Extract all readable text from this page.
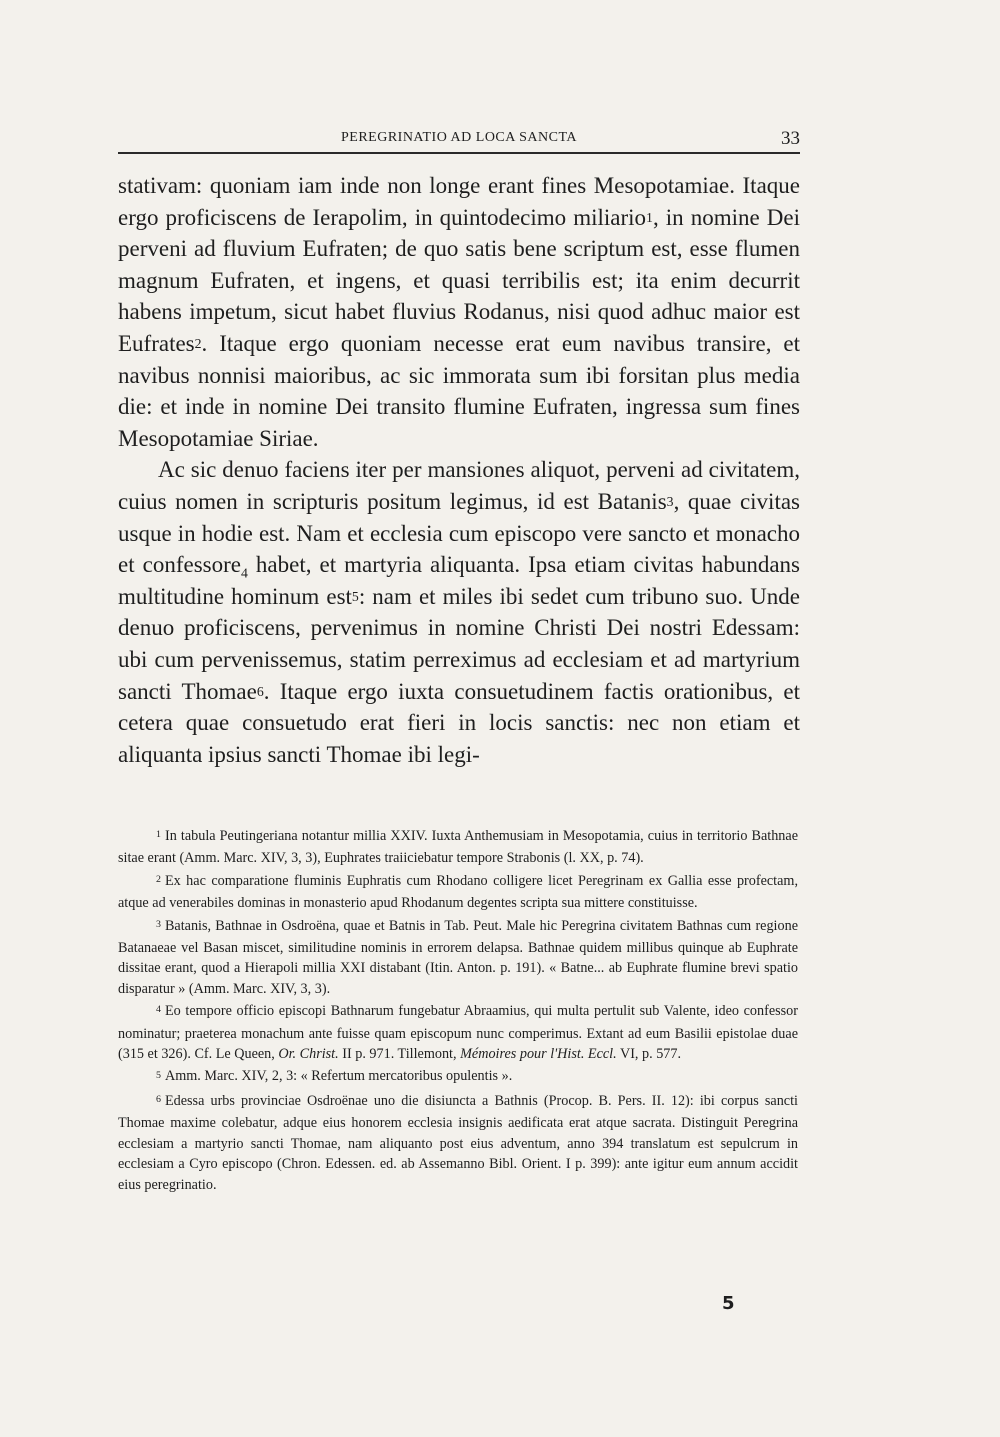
PEREGRINATIO AD LOCA SANCTA	33

stativam: quoniam iam inde non longe erant fines Mesopotamiae. Itaque ergo proficiscens de Ierapolim, in quintodecimo miliario$^1$, in nomine Dei perveni ad fluvium Eufraten; de quo satis bene scriptum est, esse flumen magnum Eufraten, et ingens, et quasi terribilis est; ita enim decurrit habens impetum, sicut habet fluvius Rodanus, nisi quod adhuc maior est Eufrates$^2$. Itaque ergo quoniam necesse erat eum navibus transire, et navibus nonnisi maioribus, ac sic immorata sum ibi forsitan plus media die: et inde in nomine Dei transito flumine Eufraten, ingressa sum fines Mesopotamiae Siriae.

Ac sic denuo faciens iter per mansiones aliquot, perveni ad civitatem, cuius nomen in scripturis positum legimus, id est Batanis$^3$, quae civitas usque in hodie est. Nam et ecclesia cum episcopo vere sancto et monacho et confessore$_4$ habet, et martyria aliquanta. Ipsa etiam civitas habundans multitudine hominum est$^5$: nam et miles ibi sedet cum tribuno suo. Unde denuo proficiscens, pervenimus in nomine Christi Dei nostri Edessam: ubi cum pervenissemus, statim perreximus ad ecclesiam et ad martyrium sancti Thomae$^6$. Itaque ergo iuxta consuetudinem factis orationibus, et cetera quae consuetudo erat fieri in locis sanctis: nec non etiam et aliquanta ipsius sancti Thomae ibi legi-

$^1$ In tabula Peutingeriana notantur millia XXIV. Iuxta Anthemusiam in Mesopotamia, cuius in territorio Bathnae sitae erant (Amm. Marc. XIV, 3, 3), Euphrates traiiciebatur tempore Strabonis (l. XX, p. 74).

$^2$ Ex hac comparatione fluminis Euphratis cum Rhodano colligere licet Peregrinam ex Gallia esse profectam, atque ad venerabiles dominas in monasterio apud Rhodanum degentes scripta sua mittere constituisse.

$^3$ Batanis, Bathnae in Osdroëna, quae et Batnis in Tab. Peut. Male hic Peregrina civitatem Bathnas cum regione Batanaeae vel Basan miscet, similitudine nominis in errorem delapsa. Bathnae quidem millibus quinque ab Euphrate dissitae erant, quod a Hierapoli millia XXI distabant (Itin. Anton. p. 191). « Batne... ab Euphrate flumine brevi spatio disparatur » (Amm. Marc. XIV, 3, 3).

$^4$ Eo tempore officio episcopi Bathnarum fungebatur Abraamius, qui multa pertulit sub Valente, ideo confessor nominatur; praeterea monachum ante fuisse quam episcopum nunc comperimus. Extant ad eum Basilii epistolae duae (315 et 326). Cf. Le Queen, Or. Christ. II p. 971. Tillemont, Mémoires pour l'Hist. Eccl. VI, p. 577.

$^5$ Amm. Marc. XIV, 2, 3: « Refertum mercatoribus opulentis ».

$^6$ Edessa urbs provinciae Osdroënae uno die disiuncta a Bathnis (Procop. B. Pers. II. 12): ibi corpus sancti Thomae maxime colebatur, adque eius honorem ecclesia insignis aedificata erat atque sacrata. Distinguit Peregrina ecclesiam a martyrio sancti Thomae, nam aliquanto post eius adventum, anno 394 translatum est sepulcrum in ecclesiam a Cyro episcopo (Chron. Edessen. ed. ab Assemanno Bibl. Orient. I p. 399): ante igitur eum annum accidit eius peregrinatio.

5
